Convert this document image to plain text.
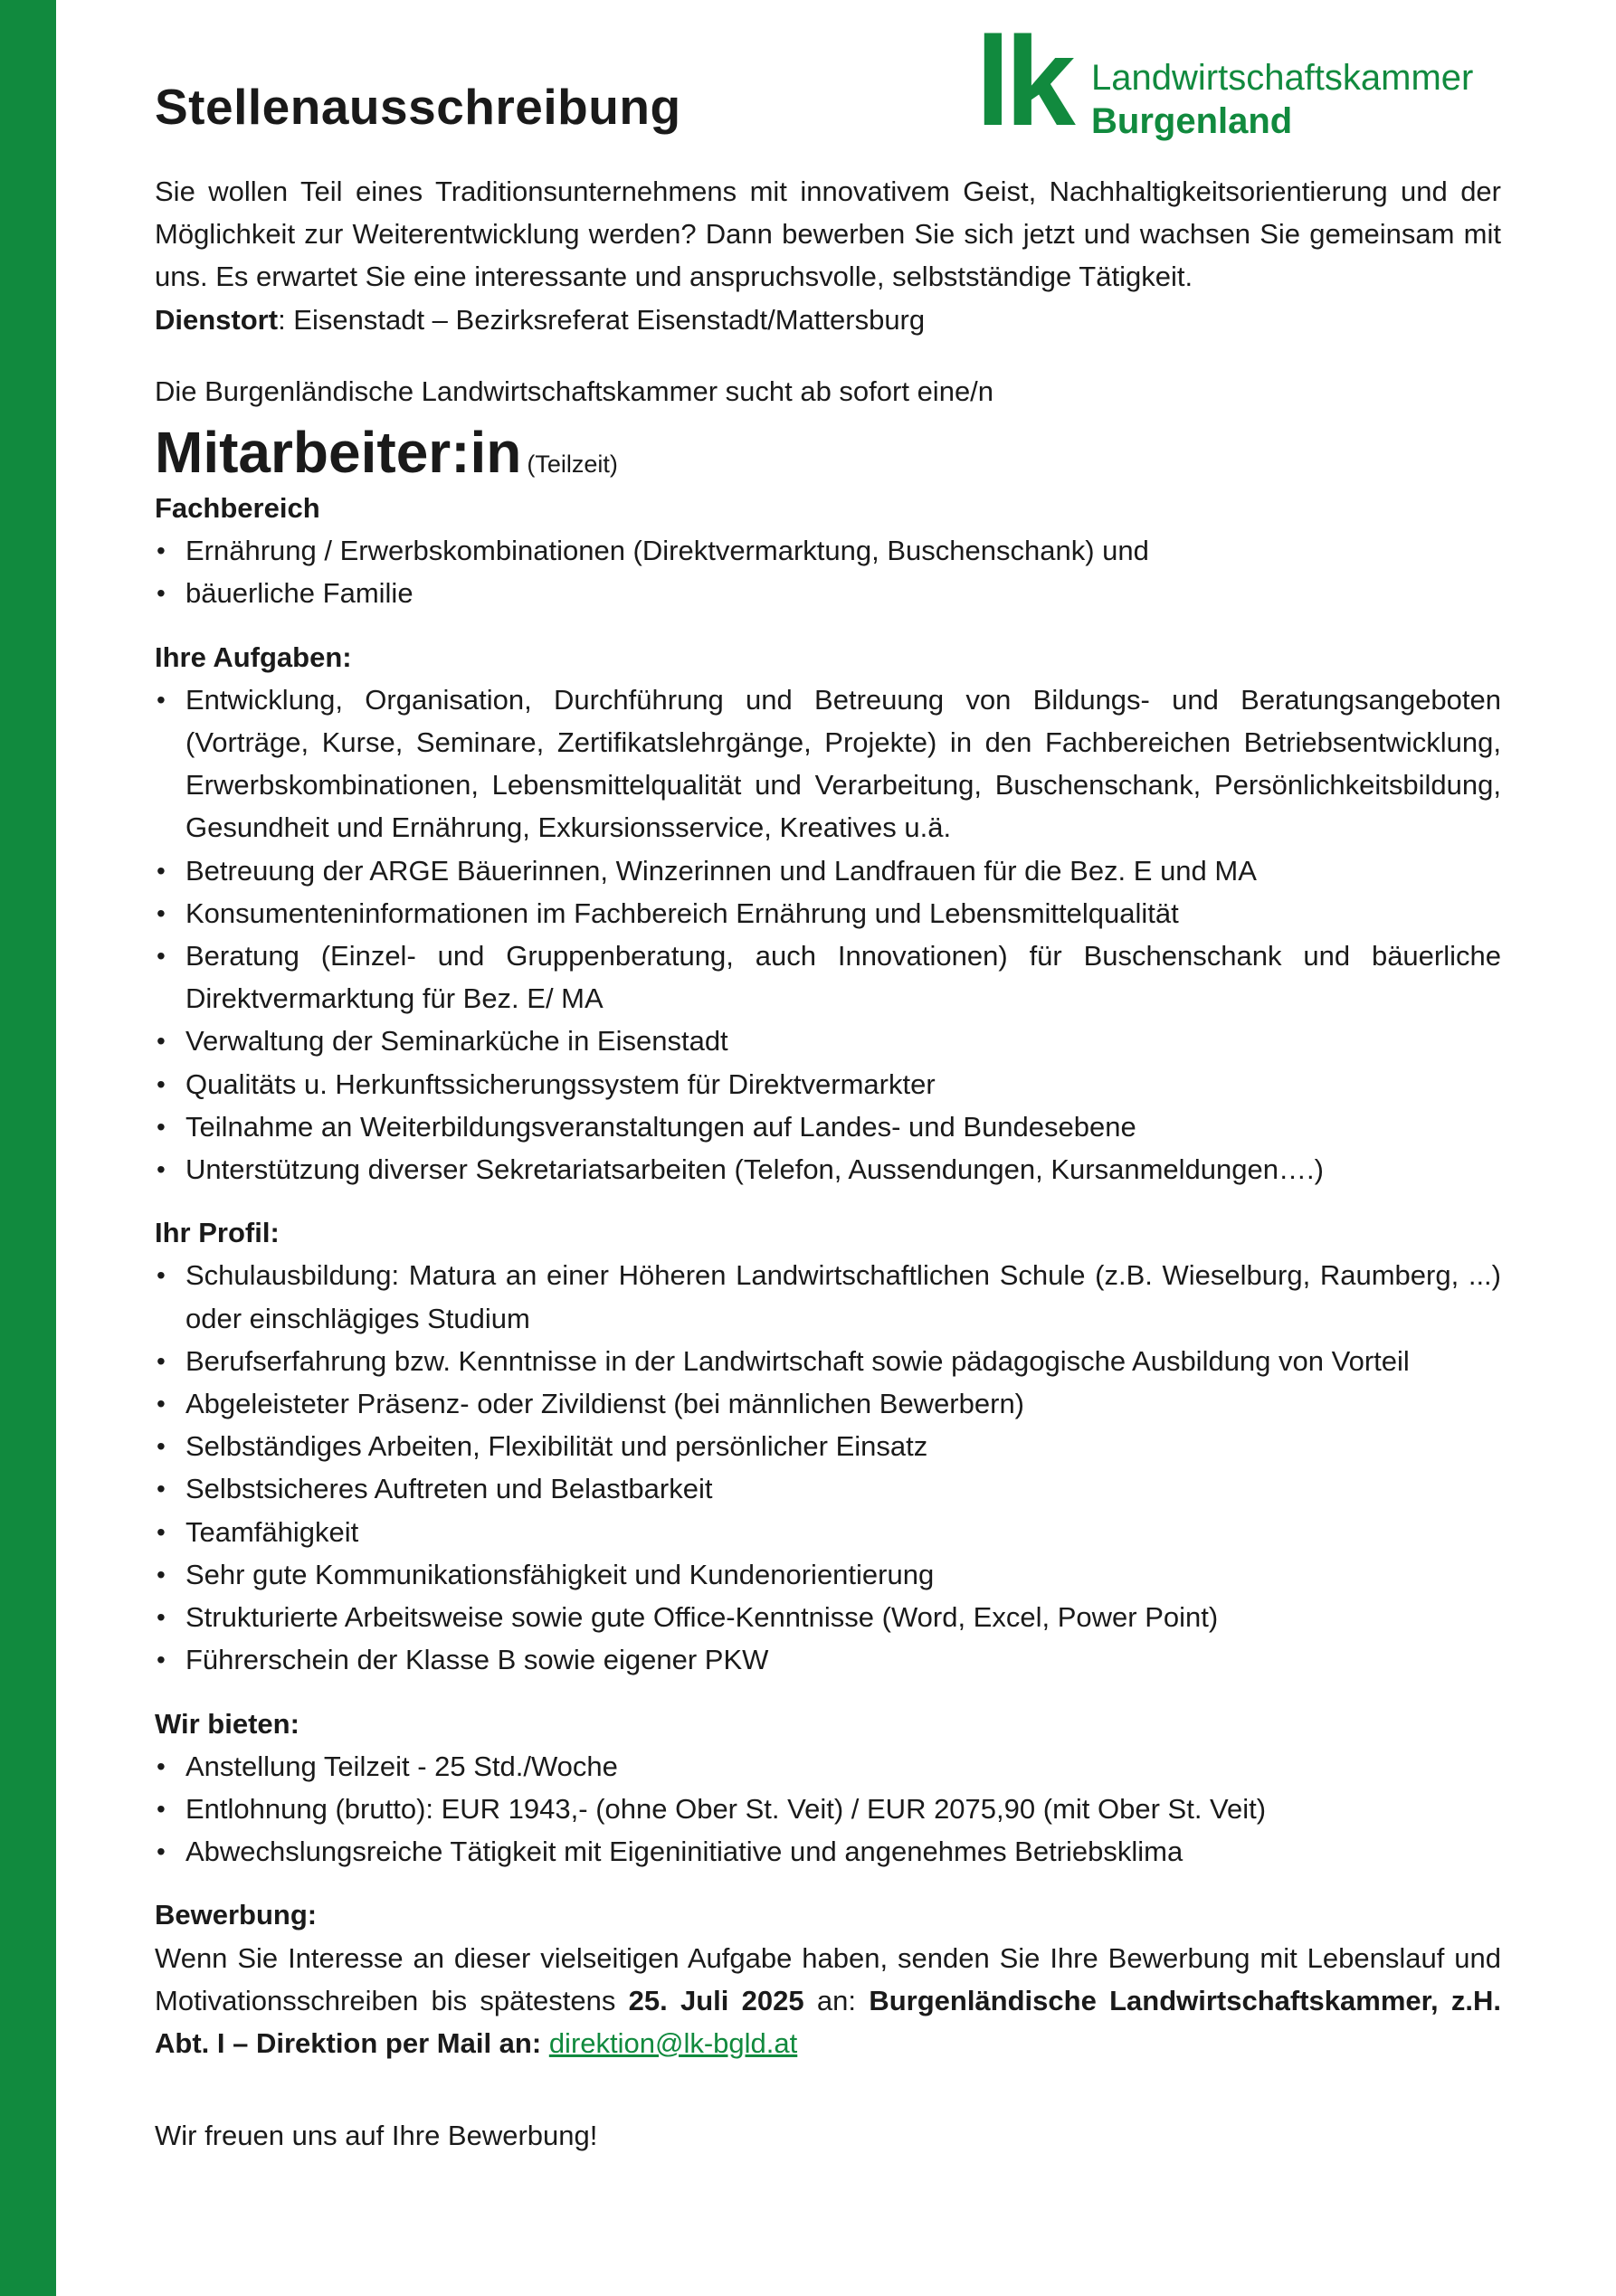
Stellenausschreibung lk Landwirtschaftskammer
Burgenland

Sie wollen Teil eines Traditionsunternehmens mit innovativem Geist, Nachhaltigkeitsorientierung und der Möglichkeit zur Weiterentwicklung werden? Dann bewerben Sie sich jetzt und wachsen Sie gemeinsam mit uns. Es erwartet Sie eine interessante und anspruchsvolle, selbstständige Tätigkeit.

Dienstort: Eisenstadt – Bezirksreferat Eisenstadt/Mattersburg

Die Burgenländische Landwirtschaftskammer sucht ab sofort eine/n

Mitarbeiter:in (Teilzeit)

Fachbereich

• Ernährung / Erwerbskombinationen (Direktvermarktung, Buschenschank) und
• bäuerliche Familie

Ihre Aufgaben:

• Entwicklung, Organisation, Durchführung und Betreuung von Bildungs- und Beratungsangeboten (Vorträge, Kurse, Seminare, Zertifikatslehrgänge, Projekte) in den Fachbereichen Betriebsentwicklung, Erwerbskombinationen, Lebensmittelqualität und Verarbeitung, Buschenschank, Persönlichkeitsbildung, Gesundheit und Ernährung, Exkursionsservice, Kreatives u.ä.
• Betreuung der ARGE Bäuerinnen, Winzerinnen und Landfrauen für die Bez. E und MA
• Konsumenteninformationen im Fachbereich Ernährung und Lebensmittelqualität
• Beratung (Einzel- und Gruppenberatung, auch Innovationen) für Buschenschank und bäuerliche Direktvermarktung für Bez. E/ MA
• Verwaltung der Seminarküche in Eisenstadt
• Qualitäts u. Herkunftssicherungssystem für Direktvermarkter
• Teilnahme an Weiterbildungsveranstaltungen auf Landes- und Bundesebene
• Unterstützung diverser Sekretariatsarbeiten (Telefon, Aussendungen, Kursanmeldungen….)

Ihr Profil:

• Schulausbildung: Matura an einer Höheren Landwirtschaftlichen Schule (z.B. Wieselburg, Raumberg, ...) oder einschlägiges Studium
• Berufserfahrung bzw. Kenntnisse in der Landwirtschaft sowie pädagogische Ausbildung von Vorteil
• Abgeleisteter Präsenz- oder Zivildienst (bei männlichen Bewerbern)
• Selbständiges Arbeiten, Flexibilität und persönlicher Einsatz
• Selbstsicheres Auftreten und Belastbarkeit
• Teamfähigkeit
• Sehr gute Kommunikationsfähigkeit und Kundenorientierung
• Strukturierte Arbeitsweise sowie gute Office-Kenntnisse (Word, Excel, Power Point)
• Führerschein der Klasse B sowie eigener PKW

Wir bieten:

• Anstellung Teilzeit - 25 Std./Woche
• Entlohnung (brutto): EUR 1943,- (ohne Ober St. Veit) / EUR 2075,90 (mit Ober St. Veit)
• Abwechslungsreiche Tätigkeit mit Eigeninitiative und angenehmes Betriebsklima

Bewerbung:

Wenn Sie Interesse an dieser vielseitigen Aufgabe haben, senden Sie Ihre Bewerbung mit Lebenslauf und Motivationsschreiben bis spätestens 25. Juli 2025 an: Burgenländische Landwirtschaftskammer, z.H. Abt. I – Direktion per Mail an: direktion@lk-bgld.at

Wir freuen uns auf Ihre Bewerbung!
